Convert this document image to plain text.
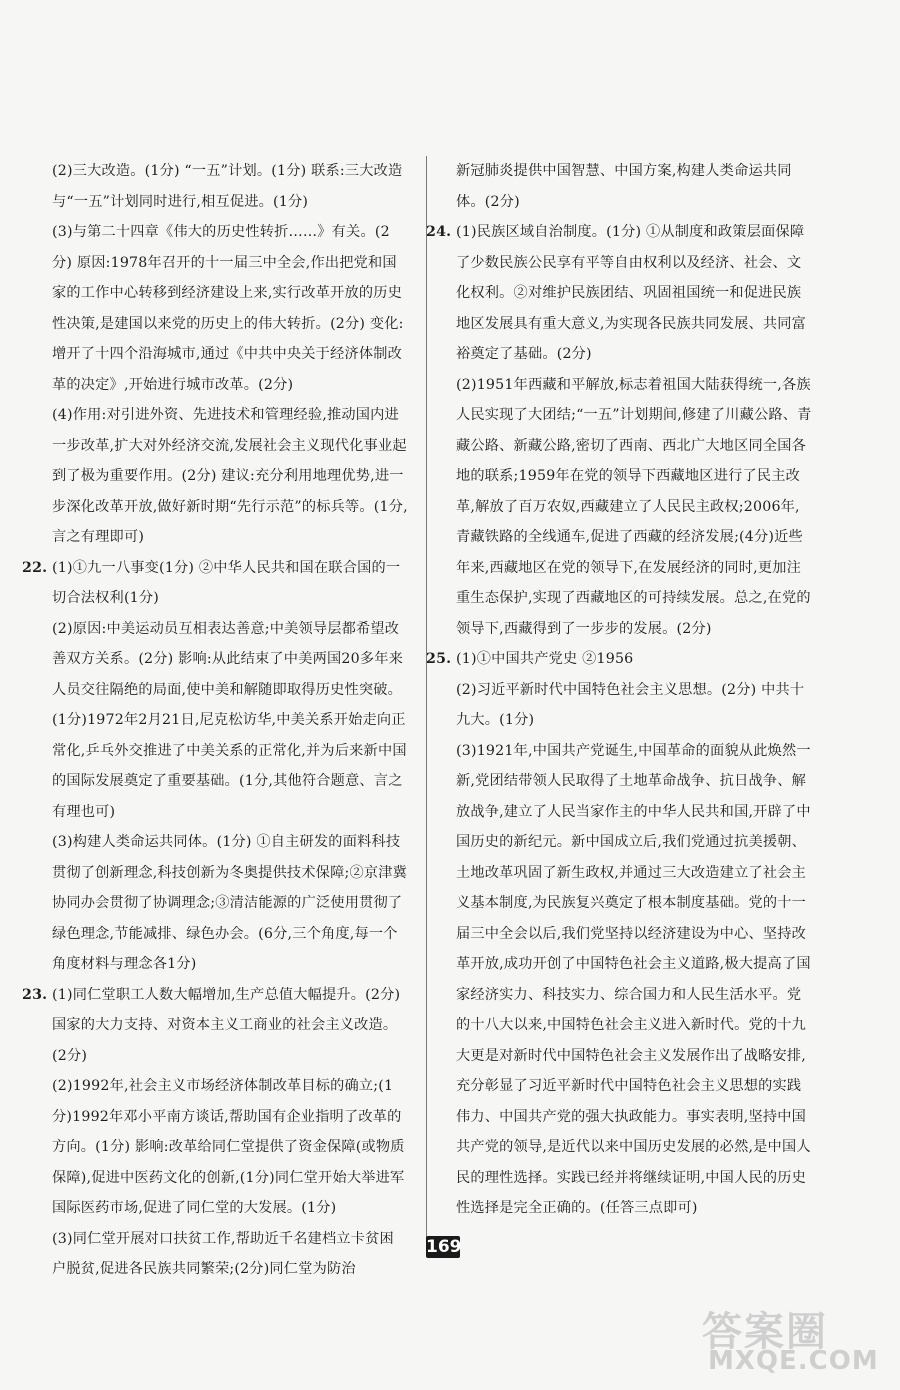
(2)三大改造。(1分) “一五”计划。(1分) 联系:三大改造与“一五”计划同时进行,相互促进。(1分)

(3)与第二十四章《伟大的历史性转折……》有关。(2分) 原因:1978年召开的十一届三中全会,作出把党和国家的工作中心转移到经济建设上来,实行改革开放的历史性决策,是建国以来党的历史上的伟大转折。(2分) 变化:增开了十四个沿海城市,通过《中共中央关于经济体制改革的决定》,开始进行城市改革。(2分)

(4)作用:对引进外资、先进技术和管理经验,推动国内进一步改革,扩大对外经济交流,发展社会主义现代化事业起到了极为重要作用。(2分) 建议:充分利用地理优势,进一步深化改革开放,做好新时期“先行示范”的标兵等。(1分,言之有理即可)

22. (1)①九一八事变(1分) ②中华人民共和国在联合国的一切合法权利(1分)

(2)原因:中美运动员互相表达善意;中美领导层都希望改善双方关系。(2分) 影响:从此结束了中美两国20多年来人员交往隔绝的局面,使中美和解随即取得历史性突破。(1分)1972年2月21日,尼克松访华,中美关系开始走向正常化,乒乓外交推进了中美关系的正常化,并为后来新中国的国际发展奠定了重要基础。(1分,其他符合题意、言之有理也可)

(3)构建人类命运共同体。(1分) ①自主研发的面料科技贯彻了创新理念,科技创新为冬奥提供技术保障;②京津冀协同办会贯彻了协调理念;③清洁能源的广泛使用贯彻了绿色理念,节能减排、绿色办会。(6分,三个角度,每一个角度材料与理念各1分)

23. (1)同仁堂职工人数大幅增加,生产总值大幅提升。(2分) 国家的大力支持、对资本主义工商业的社会主义改造。(2分)

(2)1992年,社会主义市场经济体制改革目标的确立;(1分)1992年邓小平南方谈话,帮助国有企业指明了改革的方向。(1分) 影响:改革给同仁堂提供了资金保障(或物质保障),促进中医药文化的创新,(1分)同仁堂开始大举进军国际医药市场,促进了同仁堂的大发展。(1分)

(3)同仁堂开展对口扶贫工作,帮助近千名建档立卡贫困户脱贫,促进各民族共同繁荣;(2分)同仁堂为防治

新冠肺炎提供中国智慧、中国方案,构建人类命运共同体。(2分)

24. (1)民族区域自治制度。(1分) ①从制度和政策层面保障了少数民族公民享有平等自由权利以及经济、社会、文化权利。②对维护民族团结、巩固祖国统一和促进民族地区发展具有重大意义,为实现各民族共同发展、共同富裕奠定了基础。(2分)

(2)1951年西藏和平解放,标志着祖国大陆获得统一,各族人民实现了大团结;“一五”计划期间,修建了川藏公路、青藏公路、新藏公路,密切了西南、西北广大地区同全国各地的联系;1959年在党的领导下西藏地区进行了民主改革,解放了百万农奴,西藏建立了人民民主政权;2006年,青藏铁路的全线通车,促进了西藏的经济发展;(4分)近些年来,西藏地区在党的领导下,在发展经济的同时,更加注重生态保护,实现了西藏地区的可持续发展。总之,在党的领导下,西藏得到了一步步的发展。(2分)

25. (1)①中国共产党史 ②1956

(2)习近平新时代中国特色社会主义思想。(2分) 中共十九大。(1分)

(3)1921年,中国共产党诞生,中国革命的面貌从此焕然一新,党团结带领人民取得了土地革命战争、抗日战争、解放战争,建立了人民当家作主的中华人民共和国,开辟了中国历史的新纪元。新中国成立后,我们党通过抗美援朝、土地改革巩固了新生政权,并通过三大改造建立了社会主义基本制度,为民族复兴奠定了根本制度基础。党的十一届三中全会以后,我们党坚持以经济建设为中心、坚持改革开放,成功开创了中国特色社会主义道路,极大提高了国家经济实力、科技实力、综合国力和人民生活水平。党的十八大以来,中国特色社会主义进入新时代。党的十九大更是对新时代中国特色社会主义发展作出了战略安排,充分彰显了习近平新时代中国特色社会主义思想的实践伟力、中国共产党的强大执政能力。事实表明,坚持中国共产党的领导,是近代以来中国历史发展的必然,是中国人民的理性选择。实践已经并将继续证明,中国人民的历史性选择是完全正确的。(任答三点即可)

169
答案圈
MXQE.COM
